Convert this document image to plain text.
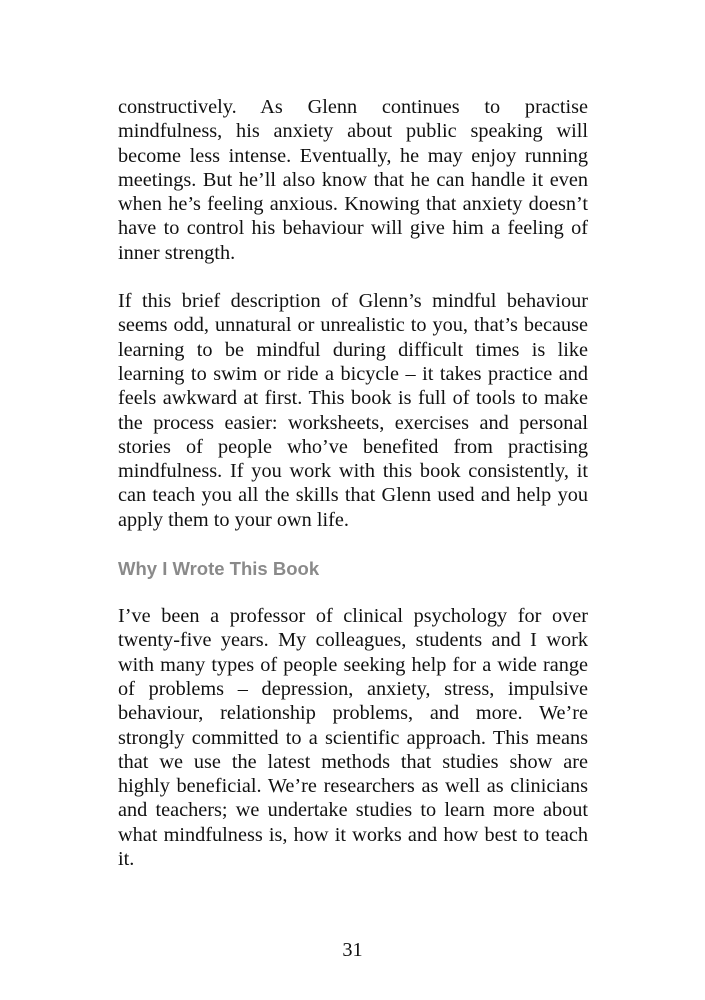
constructively. As Glenn continues to practise mindfulness, his anxiety about public speaking will become less intense. Eventually, he may enjoy running meetings. But he’ll also know that he can handle it even when he’s feeling anxious. Knowing that anxiety doesn’t have to control his behaviour will give him a feeling of inner strength.

If this brief description of Glenn’s mindful behaviour seems odd, unnatural or unrealistic to you, that’s because learning to be mindful during difficult times is like learning to swim or ride a bicycle – it takes practice and feels awkward at first. This book is full of tools to make the process easier: worksheets, exercises and personal stories of people who’ve benefited from practising mindfulness. If you work with this book consistently, it can teach you all the skills that Glenn used and help you apply them to your own life.

Why I Wrote This Book

I’ve been a professor of clinical psychology for over twenty-five years. My colleagues, students and I work with many types of people seeking help for a wide range of problems – depression, anxiety, stress, impulsive behaviour, relationship problems, and more. We’re strongly committed to a scientific approach. This means that we use the latest methods that studies show are highly beneficial. We’re researchers as well as clinicians and teachers; we undertake studies to learn more about what mindfulness is, how it works and how best to teach it.

31
